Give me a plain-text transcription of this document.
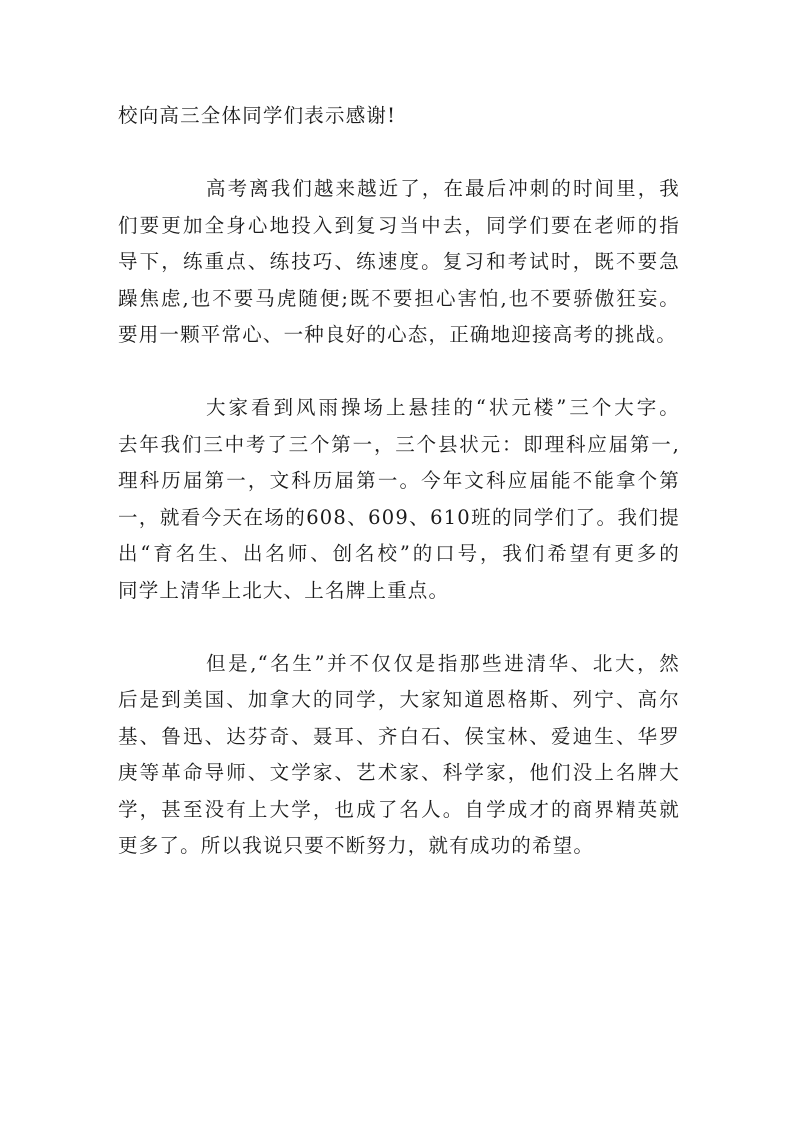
校向高三全体同学们表示感谢!
高考离我们越来越近了，在最后冲刺的时间里，我
们要更加全身心地投入到复习当中去，同学们要在老师的指
导下，练重点、练技巧、练速度。复习和考试时，既不要急
躁焦虑,也不要马虎随便;既不要担心害怕,也不要骄傲狂妄。
要用一颗平常心、一种良好的心态，正确地迎接高考的挑战。
大家看到风雨操场上悬挂的“状元楼”三个大字。
去年我们三中考了三个第一，三个县状元：即理科应届第一,
理科历届第一，文科历届第一。今年文科应届能不能拿个第
一，就看今天在场的608、609、610班的同学们了。我们提
出“育名生、出名师、创名校”的口号，我们希望有更多的
同学上清华上北大、上名牌上重点。
但是,“名生”并不仅仅是指那些进清华、北大，然
后是到美国、加拿大的同学，大家知道恩格斯、列宁、高尔
基、鲁迅、达芬奇、聂耳、齐白石、侯宝林、爱迪生、华罗
庚等革命导师、文学家、艺术家、科学家，他们没上名牌大
学，甚至没有上大学，也成了名人。自学成才的商界精英就
更多了。所以我说只要不断努力，就有成功的希望。
